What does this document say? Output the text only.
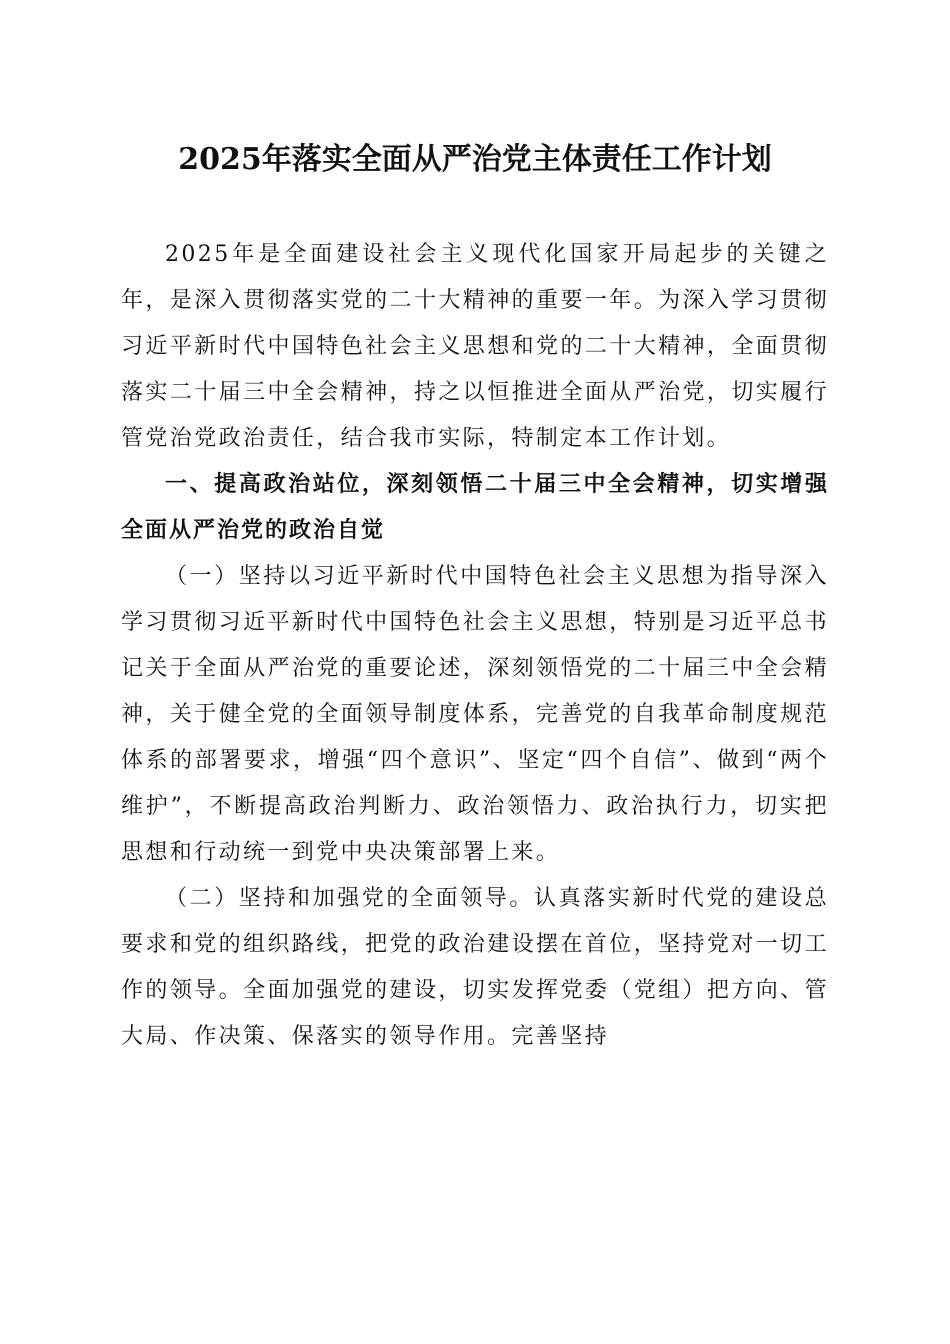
2025年落实全面从严治党主体责任工作计划

2025年是全面建设社会主义现代化国家开局起步的关键之年，是深入贯彻落实党的二十大精神的重要一年。为深入学习贯彻习近平新时代中国特色社会主义思想和党的二十大精神，全面贯彻落实二十届三中全会精神，持之以恒推进全面从严治党，切实履行管党治党政治责任，结合我市实际，特制定本工作计划。

一、提高政治站位，深刻领悟二十届三中全会精神，切实增强全面从严治党的政治自觉

（一）坚持以习近平新时代中国特色社会主义思想为指导深入学习贯彻习近平新时代中国特色社会主义思想，特别是习近平总书记关于全面从严治党的重要论述，深刻领悟党的二十届三中全会精神，关于健全党的全面领导制度体系，完善党的自我革命制度规范体系的部署要求，增强“四个意识”、坚定“四个自信”、做到“两个维护”，不断提高政治判断力、政治领悟力、政治执行力，切实把思想和行动统一到党中央决策部署上来。

（二）坚持和加强党的全面领导。认真落实新时代党的建设总要求和党的组织路线，把党的政治建设摆在首位，坚持党对一切工作的领导。全面加强党的建设，切实发挥党委（党组）把方向、管大局、作决策、保落实的领导作用。完善坚持
